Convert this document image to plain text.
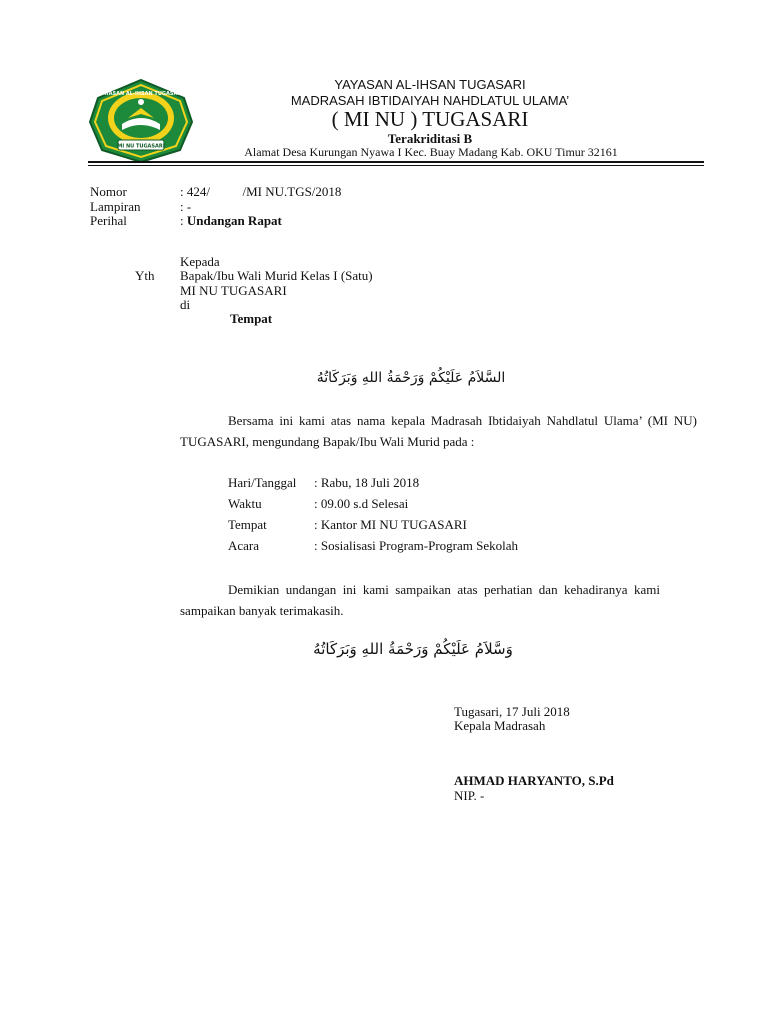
YAYASAN AL-IHSAN TUGASARI
MI NU TUGASARI
YAYASAN AL-IHSAN TUGASARI
MADRASAH IBTIDAIYAH NAHDLATUL ULAMA’
( MI NU ) TUGASARI
Terakriditasi B
Alamat Desa Kurungan Nyawa I Kec. Buay Madang Kab. OKU Timur 32161
Nomor	: 424/          /MI NU.TGS/2018
Lampiran	: -
Perihal	: Undangan Rapat
Kepada
Yth Bapak/Ibu Wali Murid Kelas I (Satu)
MI NU TUGASARI
di
Tempat
السَّلاَمُ عَلَيْكُمْ وَرَحْمَةُ اللهِ وَبَرَكَاتُهُ
Bersama ini kami atas nama kepala Madrasah Ibtidaiyah Nahdlatul Ulama’ (MI NU) TUGASARI, mengundang Bapak/Ibu Wali Murid pada :
Hari/Tanggal : Rabu, 18 Juli 2018
Waktu	: 09.00 s.d Selesai
Tempat	: Kantor MI NU TUGASARI
Acara	: Sosialisasi Program-Program Sekolah
Demikian undangan ini kami sampaikan atas perhatian dan kehadiranya kami sampaikan banyak terimakasih.
وَسَّلاَمُ عَلَيْكُمْ وَرَحْمَةُ اللهِ وَبَرَكَاتُهُ
Tugasari, 17 Juli 2018
Kepala Madrasah
AHMAD HARYANTO, S.Pd
NIP. -
